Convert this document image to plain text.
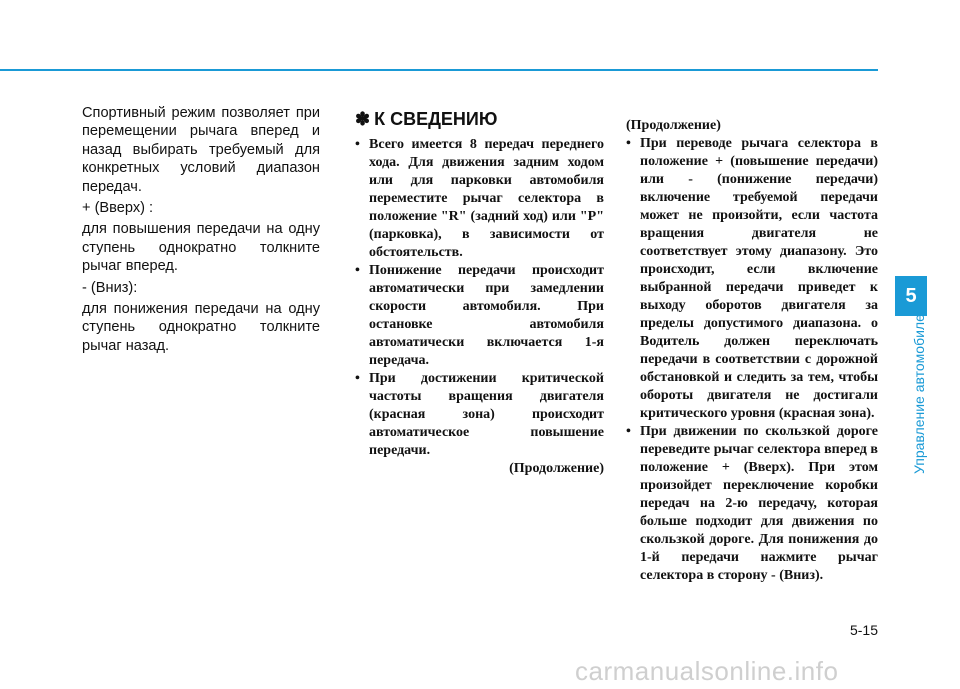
Спортивный режим позволяет при перемещении рычага вперед и назад выбирать требуемый для конкретных условий диапазон передач.

+ (Вверх) :

для повышения передачи на одну ступень однократно толкните рычаг вперед.

- (Вниз):

для понижения передачи на одну ступень однократно толкните рычаг назад.

✽ К СВЕДЕНИЮ
• Всего имеется 8 передач переднего хода. Для движения задним ходом или для парковки автомобиля переместите рычаг селектора в положение "R" (задний ход) или "P" (парковка), в зависимости от обстоятельств.
• Понижение передачи происходит автоматически при замедлении скорости автомобиля. При остановке автомобиля автоматически включается 1-я передача.
• При достижении критической частоты вращения двигателя (красная зона) происходит автоматическое повышение передачи.
(Продолжение)
(Продолжение)
• При переводе рычага селектора в положение + (повышение передачи) или - (понижение передачи) включение требуемой передачи может не произойти, если частота вращения двигателя не соответствует этому диапазону. Это происходит, если включение выбранной передачи приведет к выходу оборотов двигателя за пределы допустимого диапазона. о Водитель должен переключать передачи в соответствии с дорожной обстановкой и следить за тем, чтобы обороты двигателя не достигали критического уровня (красная зона).
• При движении по скользкой дороге переведите рычаг селектора вперед в положение + (Вверх). При этом произойдет переключение коробки передач на 2-ю передачу, которая больше подходит для движения по скользкой дороге. Для понижения до 1-й передачи нажмите рычаг селектора в сторону - (Вниз).
5
Управление автомобилем
5-15
carmanualsonline.info
